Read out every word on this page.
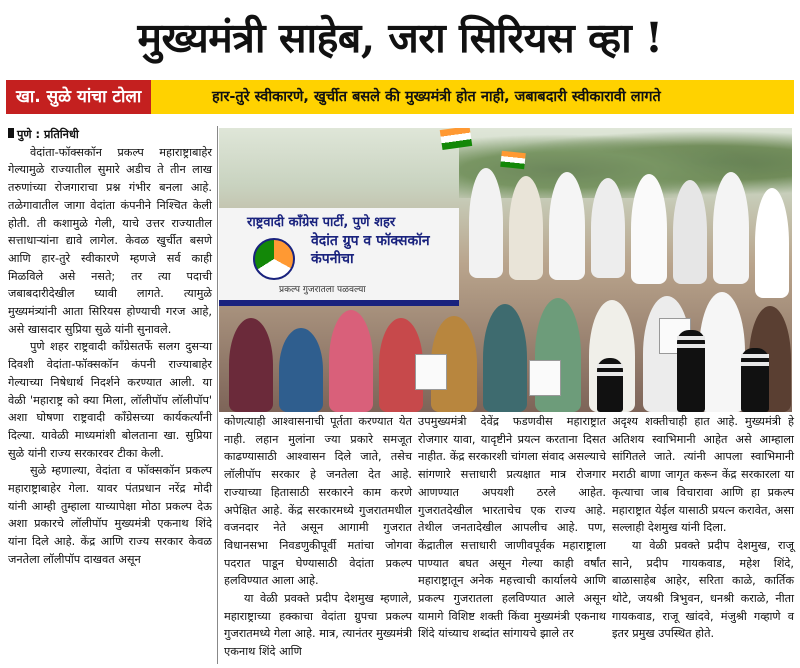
मुख्यमंत्री साहेब, जरा सिरियस व्हा !
खा. सुळे यांचा टोला	हार-तुरे स्वीकारणे, खुर्चीत बसले की मुख्यमंत्री होत नाही, जबाबदारी स्वीकारावी लागते

पुणे : प्रतिनिधी

वेदांता-फॉक्सकॉन प्रकल्प महाराष्ट्राबाहेर गेल्यामुळे राज्यातील सुमारे अडीच ते तीन लाख तरुणांच्या रोजगाराचा प्रश्न गंभीर बनला आहे. तळेगावातील जागा वेदांता कंपनीने निश्चित केली होती. ती कशामुळे गेली, याचे उत्तर राज्यातील सत्ताधाऱ्यांना द्यावे लागेल. केवळ खुर्चीत बसणे आणि हार-तुरे स्वीकारणे म्हणजे सर्व काही मिळविले असे नसते; तर त्या पदाची जबाबदारीदेखील घ्यावी लागते. त्यामुळे मुख्यमंत्र्यांनी आता सिरियस होण्याची गरज आहे, असे खासदार सुप्रिया सुळे यांनी सुनावले.

पुणे शहर राष्ट्रवादी काँग्रेसतर्फे सलग दुसऱ्या दिवशी वेदांता-फॉक्सकॉन कंपनी राज्याबाहेर गेल्याच्या निषेधार्थ निदर्शने करण्यात आली. या वेळी 'महाराष्ट्र को क्या मिला, लॉलीपॉप लॉलीपॉप' अशा घोषणा राष्ट्रवादी काँग्रेसच्या कार्यकर्त्यांनी दिल्या. यावेळी माध्यमांशी बोलताना खा. सुप्रिया सुळे यांनी राज्य सरकारवर टीका केली.

सुळे म्हणाल्या, वेदांता व फॉक्सकॉन प्रकल्प महाराष्ट्राबाहेर गेला. यावर पंतप्रधान नरेंद्र मोदी यांनी आम्ही तुम्हाला याच्यापेक्षा मोठा प्रकल्प देऊ अशा प्रकारचे लॉलीपॉप मुख्यमंत्री एकनाथ शिंदे यांना दिले आहे. केंद्र आणि राज्य सरकार केवळ जनतेला लॉलीपॉप दाखवत असून

राष्ट्रवादी काँग्रेस पार्टी, पुणे शहर
वेदांत ग्रुप व फॉक्सकॉन कंपनीचा
प्रकल्प गुजरातला पळवल्या

कोणत्याही आश्वासनाची पूर्तता करण्यात येत नाही. लहान मुलांना ज्या प्रकारे समजूत काढण्यासाठी आश्वासन दिले जाते, तसेच लॉलीपॉप सरकार हे जनतेला देत आहे. राज्याच्या हितासाठी सरकारने काम करणे अपेक्षित आहे. केंद्र सरकारमध्ये गुजरातमधील वजनदार नेते असून आगामी गुजरात विधानसभा निवडणुकीपूर्वी मतांचा जोगवा पदरात पाडून घेण्यासाठी वेदांता प्रकल्प हलविण्यात आला आहे.

या वेळी प्रवक्ते प्रदीप देशमुख म्हणाले, महाराष्ट्राच्या हक्काचा वेदांता ग्रुपचा प्रकल्प गुजरातमध्ये गेला आहे. मात्र, त्यानंतर मुख्यमंत्री एकनाथ शिंदे आणि

उपमुख्यमंत्री देवेंद्र फडणवीस महाराष्ट्रात रोजगार यावा, यादृष्टीने प्रयत्न करताना दिसत नाहीत. केंद्र सरकारशी चांगला संवाद असल्याचे सांगणारे सत्ताधारी प्रत्यक्षात मात्र रोजगार आणण्यात अपयशी ठरले आहेत. गुजरातदेखील भारताचेच एक राज्य आहे. तेथील जनतादेखील आपलीच आहे. पण, केंद्रातील सत्ताधारी जाणीवपूर्वक महाराष्ट्राला पाण्यात बघत असून गेल्या काही वर्षांत महाराष्ट्रातून अनेक महत्त्वाची कार्यालये आणि प्रकल्प गुजरातला हलविण्यात आले असून यामागे विशिष्ट शक्ती किंवा मुख्यमंत्री एकनाथ शिंदे यांच्याच शब्दांत सांगायचे झाले तर

अदृश्य शक्तीचाही हात आहे. मुख्यमंत्री हे अतिशय स्वाभिमानी आहेत असे आम्हाला सांगितले जाते. त्यांनी आपला स्वाभिमानी मराठी बाणा जागृत करून केंद्र सरकारला या कृत्याचा जाब विचारावा आणि हा प्रकल्प महाराष्ट्रात येईल यासाठी प्रयत्न करावेत, असा सल्लाही देशमुख यांनी दिला.

या वेळी प्रवक्ते प्रदीप देशमुख, राजू साने, प्रदीप गायकवाड, महेश शिंदे, बाळासाहेब आहेर, सरिता काळे, कार्तिक थोटे, जयश्री त्रिभुवन, धनश्री कराळे, नीता गायकवाड, राजू खांदवे, मंजुश्री गव्हाणे व इतर प्रमुख उपस्थित होते.
